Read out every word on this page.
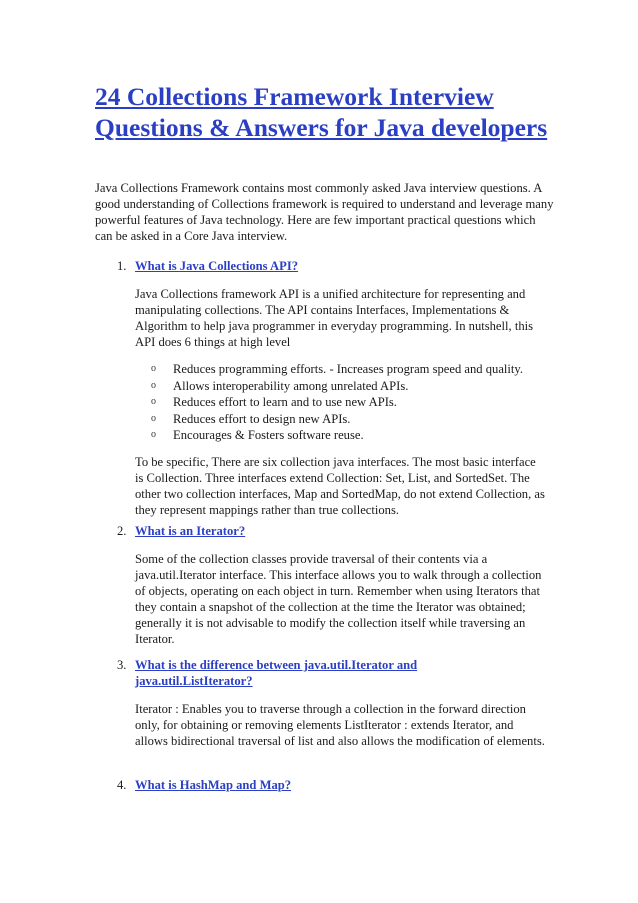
24 Collections Framework Interview Questions & Answers for Java developers

Java Collections Framework contains most commonly asked Java interview questions. A good understanding of Collections framework is required to understand and leverage many powerful features of Java technology. Here are few important practical questions which can be asked in a Core Java interview.

1. What is Java Collections API?

Java Collections framework API is a unified architecture for representing and manipulating collections. The API contains Interfaces, Implementations & Algorithm to help java programmer in everyday programming. In nutshell, this API does 6 things at high level

o Reduces programming efforts. - Increases program speed and quality.
o Allows interoperability among unrelated APIs.
o Reduces effort to learn and to use new APIs.
o Reduces effort to design new APIs.
o Encourages & Fosters software reuse.

To be specific, There are six collection java interfaces. The most basic interface is Collection. Three interfaces extend Collection: Set, List, and SortedSet. The other two collection interfaces, Map and SortedMap, do not extend Collection, as they represent mappings rather than true collections.

2. What is an Iterator?

Some of the collection classes provide traversal of their contents via a java.util.Iterator interface. This interface allows you to walk through a collection of objects, operating on each object in turn. Remember when using Iterators that they contain a snapshot of the collection at the time the Iterator was obtained; generally it is not advisable to modify the collection itself while traversing an Iterator.

3. What is the difference between java.util.Iterator and java.util.ListIterator?

Iterator : Enables you to traverse through a collection in the forward direction only, for obtaining or removing elements ListIterator : extends Iterator, and allows bidirectional traversal of list and also allows the modification of elements.

4. What is HashMap and Map?
